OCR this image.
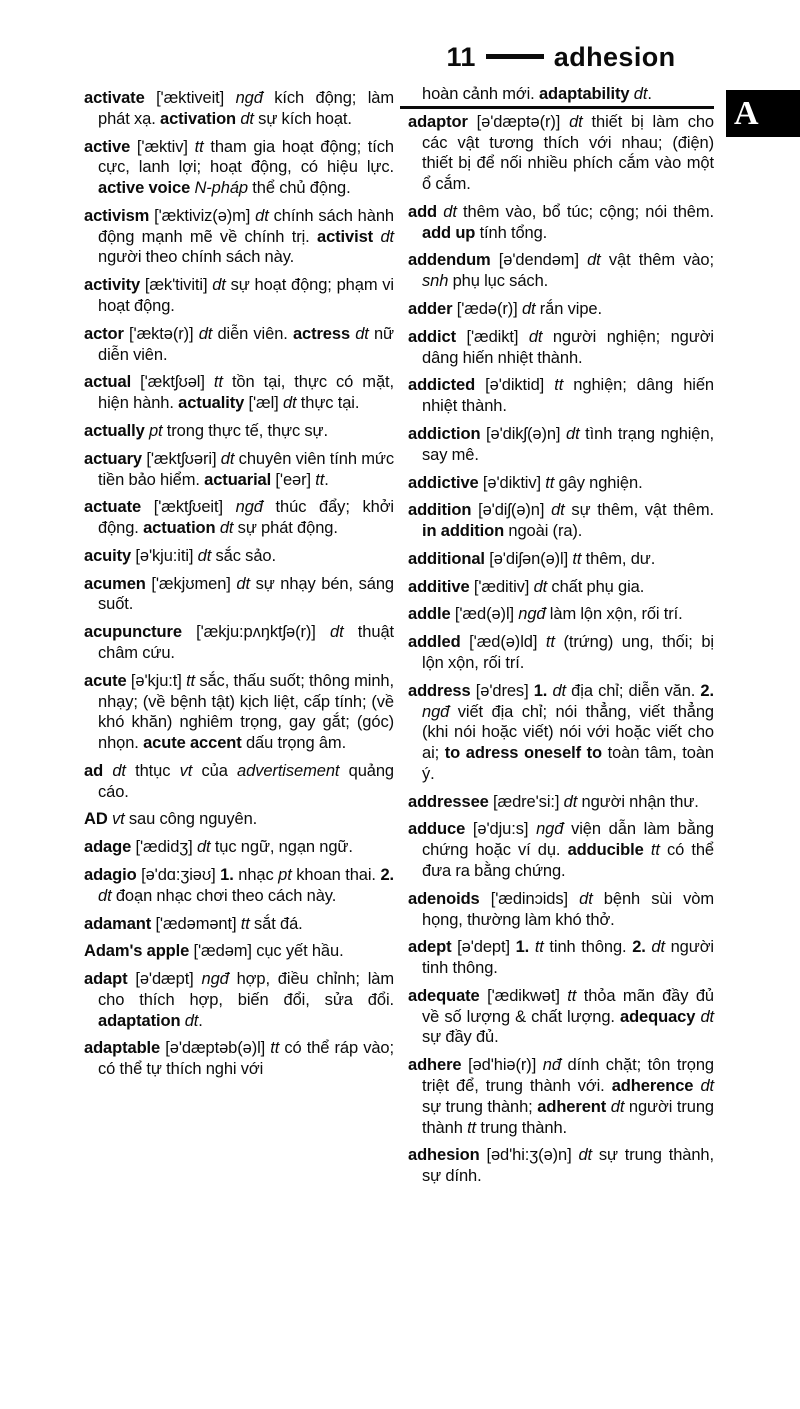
11	adhesion
A

activate ['æktiveit] ngđ kích động; làm phát xạ. activation dt sự kích hoạt.

active ['æktiv] tt tham gia hoạt động; tích cực, lanh lợi; hoạt động, có hiệu lực. active voice N-pháp thể chủ động.

activism ['æktiviz(ə)m] dt chính sách hành động mạnh mẽ về chính trị. activist dt người theo chính sách này.

activity [æk'tiviti] dt sự hoạt động; phạm vi hoạt động.

actor ['æktə(r)] dt diễn viên. actress dt nữ diễn viên.

actual ['æktʃʊəl] tt tồn tại, thực có mặt, hiện hành. actuality ['æl] dt thực tại.

actually pt trong thực tế, thực sự.

actuary ['æktʃʊəri] dt chuyên viên tính mức tiền bảo hiểm. actuarial ['eər] tt.

actuate ['æktʃʊeit] ngđ thúc đẩy; khởi động. actuation dt sự phát động.

acuity [ə'kju:iti] dt sắc sảo.

acumen ['ækjʊmen] dt sự nhạy bén, sáng suốt.

acupuncture ['ækju:pʌŋktʃə(r)] dt thuật châm cứu.

acute [ə'kju:t] tt sắc, thấu suốt; thông minh, nhạy; (về bệnh tật) kịch liệt, cấp tính; (về khó khăn) nghiêm trọng, gay gắt; (góc) nhọn. acute accent dấu trọng âm.

ad dt thtục vt của advertisement quảng cáo.

AD vt sau công nguyên.

adage ['ædidʒ] dt tục ngữ, ngạn ngữ.

adagio [ə'dɑ:ʒiəʊ] 1. nhạc pt khoan thai. 2. dt đoạn nhạc chơi theo cách này.

adamant ['ædəmənt] tt sắt đá.

Adam's apple ['ædəm] cục yết hầu.

adapt [ə'dæpt] ngđ hợp, điều chỉnh; làm cho thích hợp, biến đổi, sửa đổi. adaptation dt.

adaptable [ə'dæptəb(ə)l] tt có thể ráp vào; có thể tự thích nghi với

hoàn cảnh mới. adaptability dt.

adaptor [ə'dæptə(r)] dt thiết bị làm cho các vật tương thích với nhau; (điện) thiết bị để nối nhiều phích cắm vào một ổ cắm.

add dt thêm vào, bổ túc; cộng; nói thêm. add up tính tổng.

addendum [ə'dendəm] dt vật thêm vào; snh phụ lục sách.

adder ['ædə(r)] dt rắn vipe.

addict ['ædikt] dt người nghiện; người dâng hiến nhiệt thành.

addicted [ə'diktid] tt nghiện; dâng hiến nhiệt thành.

addiction [ə'dikʃ(ə)n] dt tình trạng nghiện, say mê.

addictive [ə'diktiv] tt gây nghiện.

addition [ə'diʃ(ə)n] dt sự thêm, vật thêm. in addition ngoài (ra).

additional [ə'diʃən(ə)l] tt thêm, dư.

additive ['æditiv] dt chất phụ gia.

addle ['æd(ə)l] ngđ làm lộn xộn, rối trí.

addled ['æd(ə)ld] tt (trứng) ung, thối; bị lộn xộn, rối trí.

address [ə'dres] 1. dt địa chỉ; diễn văn. 2. ngđ viết địa chỉ; nói thẳng, viết thẳng (khi nói hoặc viết) nói với hoặc viết cho ai; to adress oneself to toàn tâm, toàn ý.

addressee [ædre'si:] dt người nhận thư.

adduce [ə'dju:s] ngđ viện dẫn làm bằng chứng hoặc ví dụ. adducible tt có thể đưa ra bằng chứng.

adenoids ['ædinɔids] dt bệnh sùi vòm họng, thường làm khó thở.

adept [ə'dept] 1. tt tinh thông. 2. dt người tinh thông.

adequate ['ædikwət] tt thỏa mãn đầy đủ về số lượng & chất lượng. adequacy dt sự đầy đủ.

adhere [əd'hiə(r)] nđ dính chặt; tôn trọng triệt để, trung thành với. adherence dt sự trung thành; adherent dt người trung thành tt trung thành.

adhesion [əd'hi:ʒ(ə)n] dt sự trung thành, sự dính.
